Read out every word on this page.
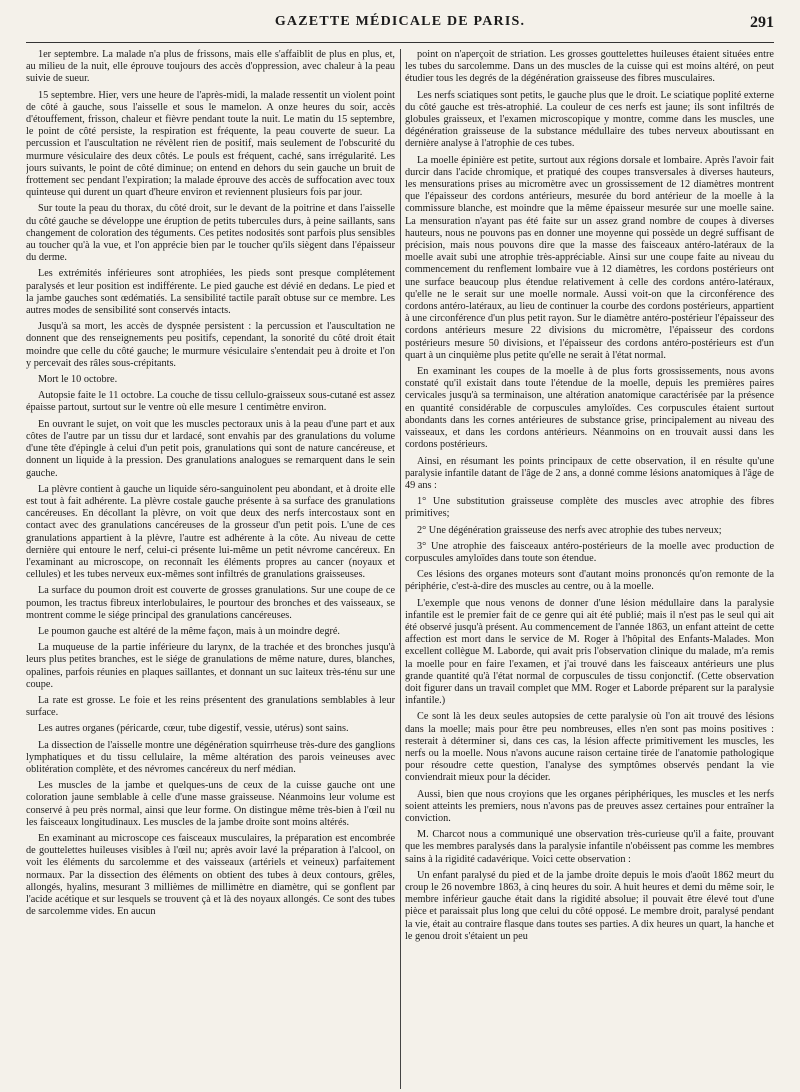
GAZETTE MÉDICALE DE PARIS.	291

1er septembre. La malade n'a plus de frissons, mais elle s'affaiblit de plus en plus, et, au milieu de la nuit, elle éprouve toujours des accès d'oppression, avec chaleur à la peau suivie de sueur.

15 septembre. Hier, vers une heure de l'après-midi, la malade ressentit un violent point de côté à gauche, sous l'aisselle et sous le mamelon. A onze heures du soir, accès d'étouffement, frisson, chaleur et fièvre pendant toute la nuit. Le matin du 15 septembre, le point de côté persiste, la respiration est fréquente, la peau couverte de sueur. La percussion et l'auscultation ne révèlent rien de positif, mais seulement de l'obscurité du murmure vésiculaire des deux côtés. Le pouls est fréquent, caché, sans irrégularité. Les jours suivants, le point de côté diminue; on entend en dehors du sein gauche un bruit de frottement sec pendant l'expiration; la malade éprouve des accès de suffocation avec toux quinteuse qui durent un quart d'heure environ et reviennent plusieurs fois par jour.

Sur toute la peau du thorax, du côté droit, sur le devant de la poitrine et dans l'aisselle du côté gauche se développe une éruption de petits tubercules durs, à peine saillants, sans changement de coloration des téguments. Ces petites nodosités sont parfois plus sensibles au toucher qu'à la vue, et l'on apprécie bien par le toucher qu'ils siègent dans l'épaisseur du derme.

Les extrémités inférieures sont atrophiées, les pieds sont presque complétement paralysés et leur position est indifférente. Le pied gauche est dévié en dedans. Le pied et la jambe gauches sont œdématiés. La sensibilité tactile paraît obtuse sur ce membre. Les autres modes de sensibilité sont conservés intacts.

Jusqu'à sa mort, les accès de dyspnée persistent : la percussion et l'auscultation ne donnent que des renseignements peu positifs, cependant, la sonorité du côté droit était moindre que celle du côté gauche; le murmure vésiculaire s'entendait peu à droite et l'on y percevait des râles sous-crépitants.

Mort le 10 octobre.

Autopsie faite le 11 octobre. La couche de tissu cellulo-graisseux sous-cutané est assez épaisse partout, surtout sur le ventre où elle mesure 1 centimètre environ.

En ouvrant le sujet, on voit que les muscles pectoraux unis à la peau d'une part et aux côtes de l'autre par un tissu dur et lardacé, sont envahis par des granulations du volume d'une tête d'épingle à celui d'un petit pois, granulations qui sont de nature cancéreuse, et donnent un liquide à la pression. Des granulations analogues se remarquent dans le sein gauche.

La plèvre contient à gauche un liquide séro-sanguinolent peu abondant, et à droite elle est tout à fait adhérente. La plèvre costale gauche présente à sa surface des granulations cancéreuses. En décollant la plèvre, on voit que deux des nerfs intercostaux sont en contact avec des granulations cancéreuses de la grosseur d'un petit pois. L'une de ces granulations appartient à la plèvre, l'autre est adhérente à la côte. Au niveau de cette dernière qui entoure le nerf, celui-ci présente lui-même un petit névrome cancéreux. En l'examinant au microscope, on reconnaît les éléments propres au cancer (noyaux et cellules) et les tubes nerveux eux-mêmes sont infiltrés de granulations graisseuses.

La surface du poumon droit est couverte de grosses granulations. Sur une coupe de ce poumon, les tractus fibreux interlobulaires, le pourtour des bronches et des vaisseaux, se montrent comme le siége principal des granulations cancéreuses.

Le poumon gauche est altéré de la même façon, mais à un moindre degré.

La muqueuse de la partie inférieure du larynx, de la trachée et des bronches jusqu'à leurs plus petites branches, est le siége de granulations de même nature, dures, blanches, opalines, parfois réunies en plaques saillantes, et donnant un suc laiteux très-ténu sur une coupe.

La rate est grosse. Le foie et les reins présentent des granulations semblables à leur surface.

Les autres organes (péricarde, cœur, tube digestif, vessie, utérus) sont sains.

La dissection de l'aisselle montre une dégénération squirrheuse très-dure des ganglions lymphatiques et du tissu cellulaire, la même altération des parois veineuses avec oblitération complète, et des névromes cancéreux du nerf médian.

Les muscles de la jambe et quelques-uns de ceux de la cuisse gauche ont une coloration jaune semblable à celle d'une masse graisseuse. Néanmoins leur volume est conservé à peu près normal, ainsi que leur forme. On distingue même très-bien à l'œil nu les faisceaux longitudinaux. Les muscles de la jambe droite sont moins altérés.

En examinant au microscope ces faisceaux musculaires, la préparation est encombrée de gouttelettes huileuses visibles à l'œil nu; après avoir lavé la préparation à l'alcool, on voit les éléments du sarcolemme et des vaisseaux (artériels et veineux) parfaitement normaux. Par la dissection des éléments on obtient des tubes à deux contours, grêles, allongés, hyalins, mesurant 3 millièmes de millimètre en diamètre, qui se gonflent par l'acide acétique et sur lesquels se trouvent çà et là des noyaux allongés. Ce sont des tubes de sarcolemme vides. En aucun

point on n'aperçoit de striation. Les grosses gouttelettes huileuses étaient situées entre les tubes du sarcolemme. Dans un des muscles de la cuisse qui est moins altéré, on peut étudier tous les degrés de la dégénération graisseuse des fibres musculaires.

Les nerfs sciatiques sont petits, le gauche plus que le droit. Le sciatique poplité externe du côté gauche est très-atrophié. La couleur de ces nerfs est jaune; ils sont infiltrés de globules graisseux, et l'examen microscopique y montre, comme dans les muscles, une dégénération graisseuse de la substance médullaire des tubes nerveux aboutissant en dernière analyse à l'atrophie de ces tubes.

La moelle épinière est petite, surtout aux régions dorsale et lombaire. Après l'avoir fait durcir dans l'acide chromique, et pratiqué des coupes transversales à diverses hauteurs, les mensurations prises au micromètre avec un grossissement de 12 diamètres montrent que l'épaisseur des cordons antérieurs, mesurée du bord antérieur de la moelle à la commissure blanche, est moindre que la même épaisseur mesurée sur une moelle saine. La mensuration n'ayant pas été faite sur un assez grand nombre de coupes à diverses hauteurs, nous ne pouvons pas en donner une moyenne qui possède un degré suffisant de précision, mais nous pouvons dire que la masse des faisceaux antéro-latéraux de la moelle avait subi une atrophie très-appréciable. Ainsi sur une coupe faite au niveau du commencement du renflement lombaire vue à 12 diamètres, les cordons postérieurs ont une surface beaucoup plus étendue relativement à celle des cordons antéro-latéraux, qu'elle ne le serait sur une moelle normale. Aussi voit-on que la circonférence des cordons antéro-latéraux, au lieu de continuer la courbe des cordons postérieurs, appartient à une circonférence d'un plus petit rayon. Sur le diamètre antéro-postérieur l'épaisseur des cordons antérieurs mesure 22 divisions du micromètre, l'épaisseur des cordons postérieurs mesure 50 divisions, et l'épaisseur des cordons antéro-postérieurs est d'un quart à un cinquième plus petite qu'elle ne serait à l'état normal.

En examinant les coupes de la moelle à de plus forts grossissements, nous avons constaté qu'il existait dans toute l'étendue de la moelle, depuis les premières paires cervicales jusqu'à sa terminaison, une altération anatomique caractérisée par la présence en quantité considérable de corpuscules amyloïdes. Ces corpuscules étaient surtout abondants dans les cornes antérieures de substance grise, principalement au niveau des vaisseaux, et dans les cordons antérieurs. Néanmoins on en trouvait aussi dans les cordons postérieurs.

Ainsi, en résumant les points principaux de cette observation, il en résulte qu'une paralysie infantile datant de l'âge de 2 ans, a donné comme lésions anatomiques à l'âge de 49 ans :

1° Une substitution graisseuse complète des muscles avec atrophie des fibres primitives;

2° Une dégénération graisseuse des nerfs avec atrophie des tubes nerveux;

3° Une atrophie des faisceaux antéro-postérieurs de la moelle avec production de corpuscules amyloïdes dans toute son étendue.

Ces lésions des organes moteurs sont d'autant moins prononcés qu'on remonte de la périphérie, c'est-à-dire des muscles au centre, ou à la moelle.

L'exemple que nous venons de donner d'une lésion médullaire dans la paralysie infantile est le premier fait de ce genre qui ait été publié; mais il n'est pas le seul qui ait été observé jusqu'à présent. Au commencement de l'année 1863, un enfant atteint de cette affection est mort dans le service de M. Roger à l'hôpital des Enfants-Malades. Mon excellent collègue M. Laborde, qui avait pris l'observation clinique du malade, m'a remis la moelle pour en faire l'examen, et j'ai trouvé dans les faisceaux antérieurs une plus grande quantité qu'à l'état normal de corpuscules de tissu conjonctif. (Cette observation doit figurer dans un travail complet que MM. Roger et Laborde préparent sur la paralysie infantile.)

Ce sont là les deux seules autopsies de cette paralysie où l'on ait trouvé des lésions dans la moelle; mais pour être peu nombreuses, elles n'en sont pas moins positives : resterait à déterminer si, dans ces cas, la lésion affecte primitivement les muscles, les nerfs ou la moelle. Nous n'avons aucune raison certaine tirée de l'anatomie pathologique pour résoudre cette question, l'analyse des symptômes observés pendant la vie conviendrait mieux pour la décider.

Aussi, bien que nous croyions que les organes périphériques, les muscles et les nerfs soient atteints les premiers, nous n'avons pas de preuves assez certaines pour entraîner la conviction.

M. Charcot nous a communiqué une observation très-curieuse qu'il a faite, prouvant que les membres paralysés dans la paralysie infantile n'obéissent pas comme les membres sains à la rigidité cadavérique. Voici cette observation :

Un enfant paralysé du pied et de la jambe droite depuis le mois d'août 1862 meurt du croup le 26 novembre 1863, à cinq heures du soir. A huit heures et demi du même soir, le membre inférieur gauche était dans la rigidité absolue; il pouvait être élevé tout d'une pièce et paraissait plus long que celui du côté opposé. Le membre droit, paralysé pendant la vie, était au contraire flasque dans toutes ses parties. A dix heures un quart, la hanche et le genou droit s'étaient un peu
